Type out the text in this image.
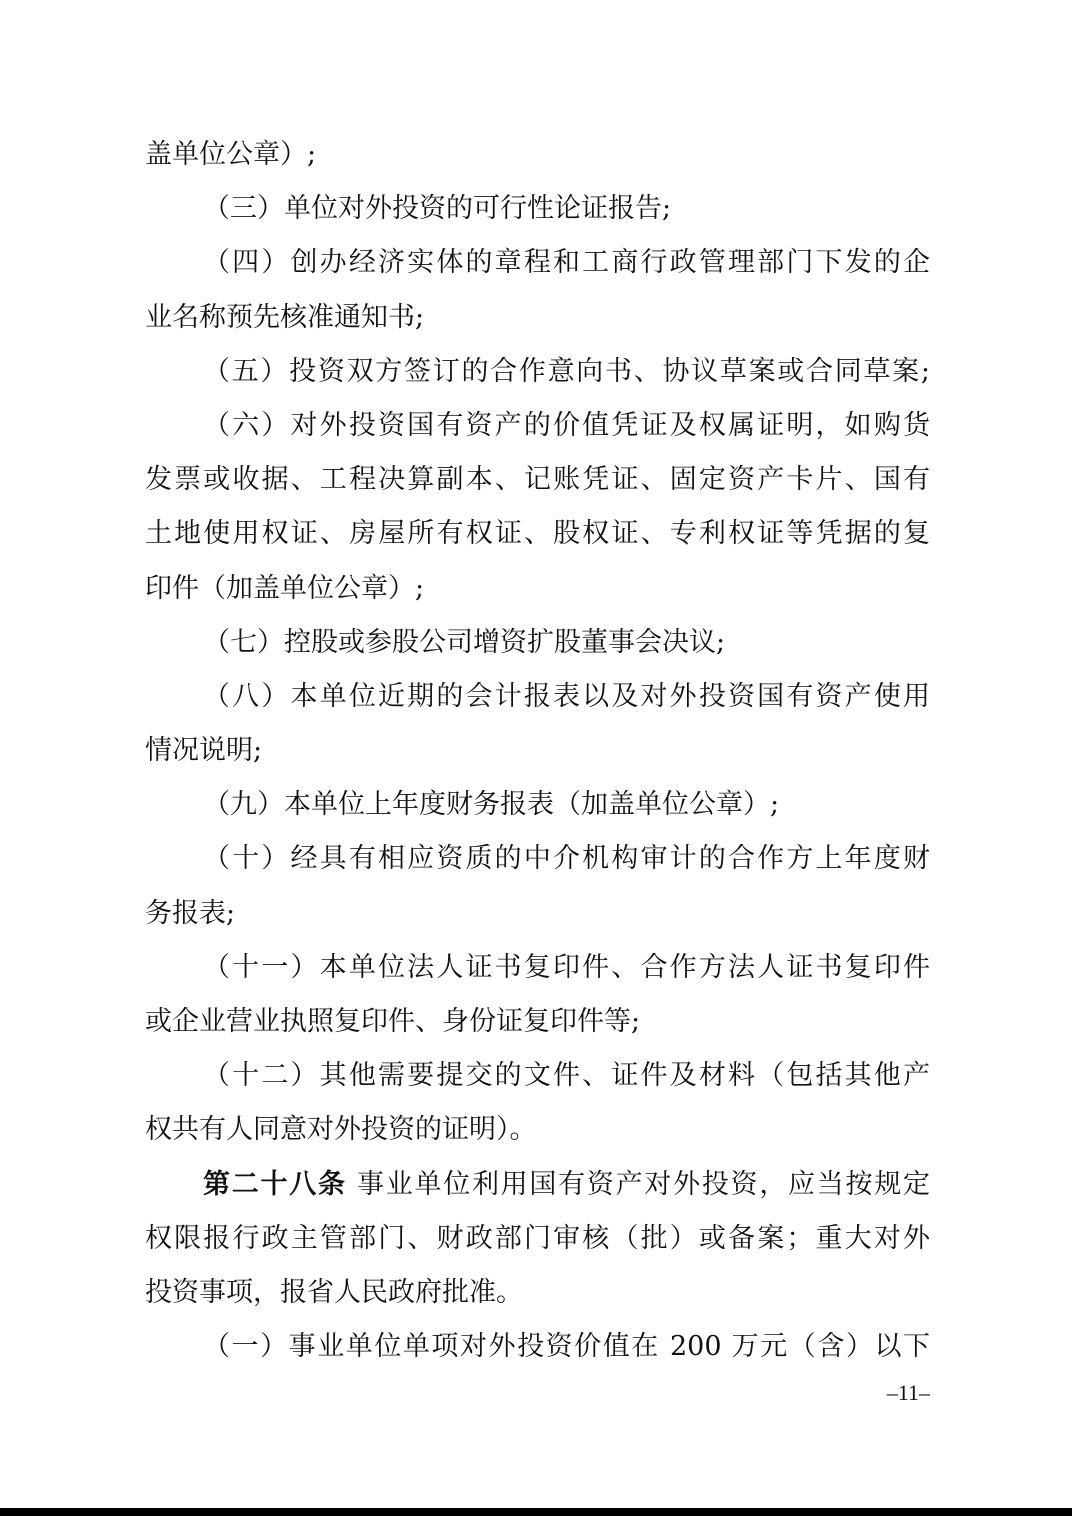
盖单位公章）;
（三）单位对外投资的可行性论证报告;
（四）创办经济实体的章程和工商行政管理部门下发的企
业名称预先核准通知书;
（五）投资双方签订的合作意向书、协议草案或合同草案;
（六）对外投资国有资产的价值凭证及权属证明，如购货
发票或收据、工程决算副本、记账凭证、固定资产卡片、国有
土地使用权证、房屋所有权证、股权证、专利权证等凭据的复
印件（加盖单位公章）;
（七）控股或参股公司增资扩股董事会决议;
（八）本单位近期的会计报表以及对外投资国有资产使用
情况说明;
（九）本单位上年度财务报表（加盖单位公章）;
（十）经具有相应资质的中介机构审计的合作方上年度财
务报表;
（十一）本单位法人证书复印件、合作方法人证书复印件
或企业营业执照复印件、身份证复印件等;
（十二）其他需要提交的文件、证件及材料（包括其他产
权共有人同意对外投资的证明）。
第二十八条 事业单位利用国有资产对外投资，应当按规定
权限报行政主管部门、财政部门审核（批）或备案；重大对外
投资事项，报省人民政府批准。
（一）事业单位单项对外投资价值在 200 万元（含）以下
–11–
